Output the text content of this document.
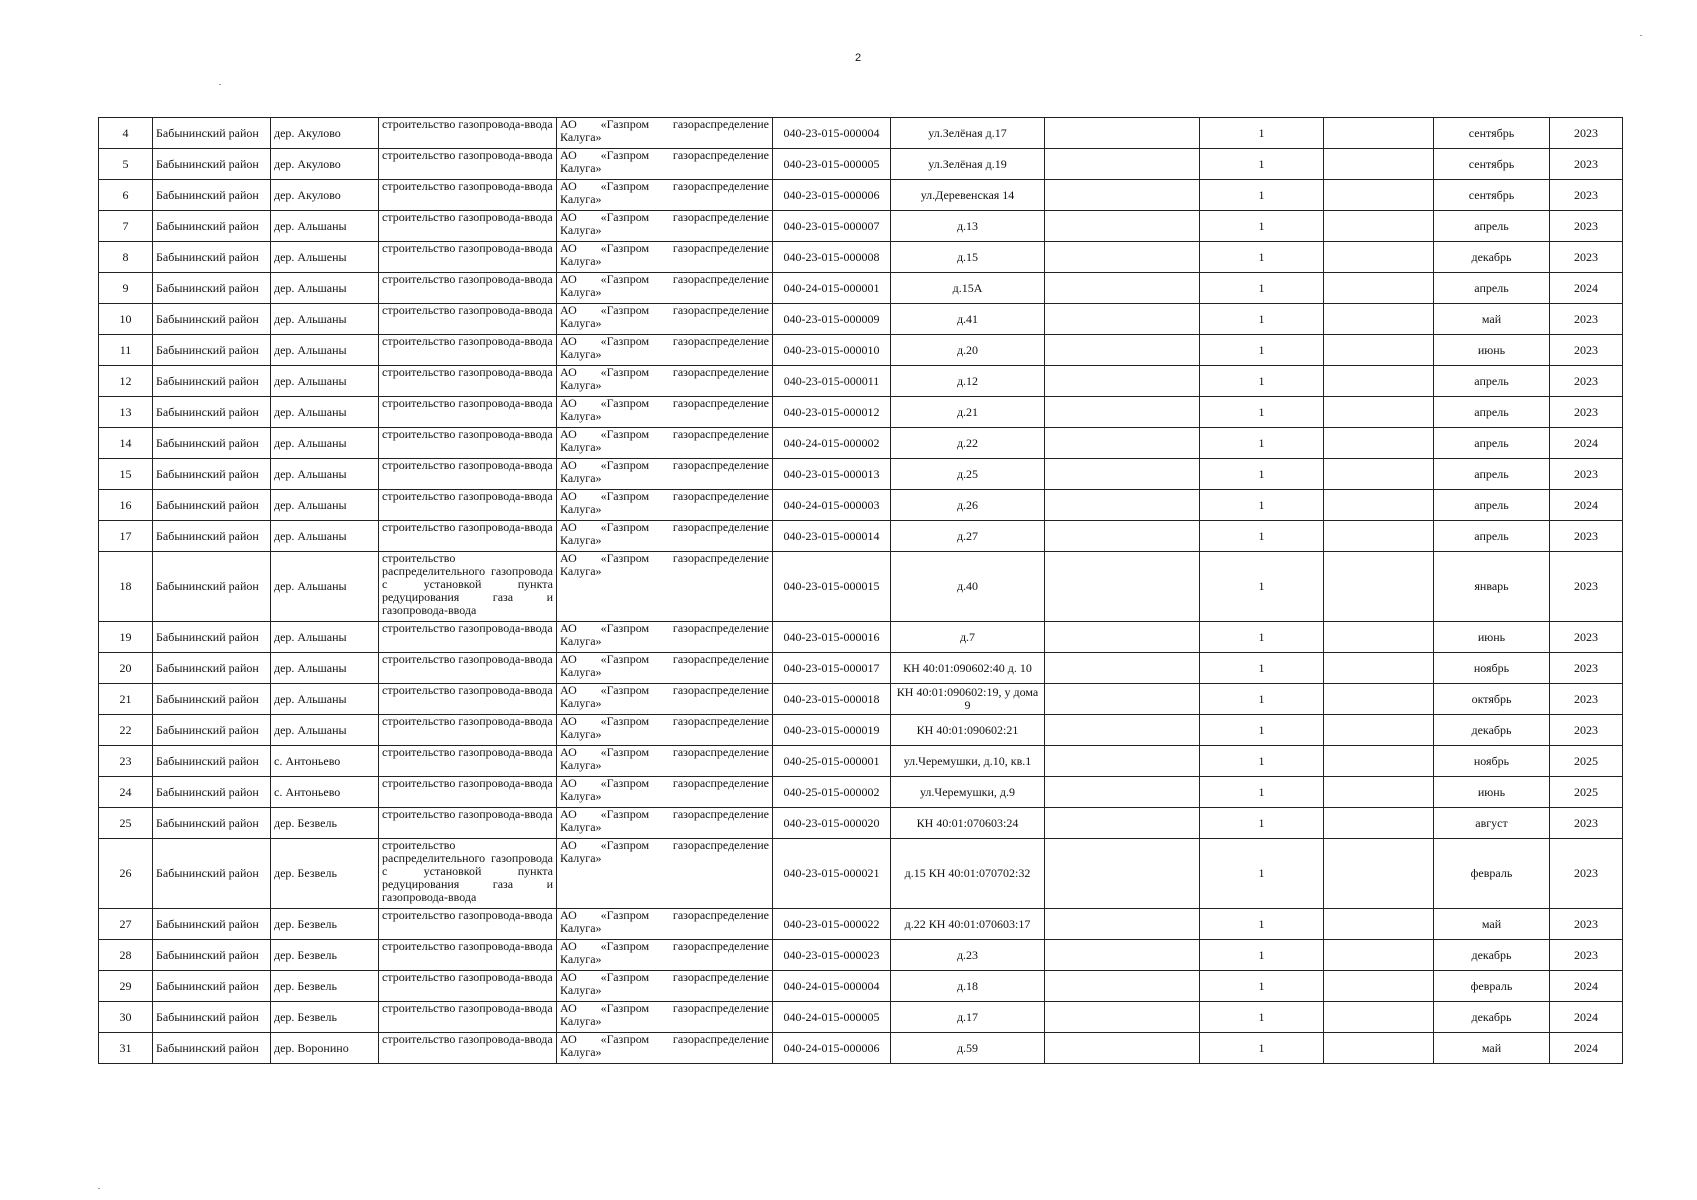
2
4	Бабынинский район	дер. Акулово	строительство газопровода-ввода	АО «Газпром газораспределение Калуга»	040-23-015-000004	ул.Зелёная д.17		1		сентябрь	2023
5	Бабынинский район	дер. Акулово	строительство газопровода-ввода	АО «Газпром газораспределение Калуга»	040-23-015-000005	ул.Зелёная д.19		1		сентябрь	2023
6	Бабынинский район	дер. Акулово	строительство газопровода-ввода	АО «Газпром газораспределение Калуга»	040-23-015-000006	ул.Деревенская 14		1		сентябрь	2023
7	Бабынинский район	дер. Альшаны	строительство газопровода-ввода	АО «Газпром газораспределение Калуга»	040-23-015-000007	д.13		1		апрель	2023
8	Бабынинский район	дер. Альшены	строительство газопровода-ввода	АО «Газпром газораспределение Калуга»	040-23-015-000008	д.15		1		декабрь	2023
9	Бабынинский район	дер. Альшаны	строительство газопровода-ввода	АО «Газпром газораспределение Калуга»	040-24-015-000001	д.15А		1		апрель	2024
10	Бабынинский район	дер. Альшаны	строительство газопровода-ввода	АО «Газпром газораспределение Калуга»	040-23-015-000009	д.41		1		май	2023
11	Бабынинский район	дер. Альшаны	строительство газопровода-ввода	АО «Газпром газораспределение Калуга»	040-23-015-000010	д.20		1		июнь	2023
12	Бабынинский район	дер. Альшаны	строительство газопровода-ввода	АО «Газпром газораспределение Калуга»	040-23-015-000011	д.12		1		апрель	2023
13	Бабынинский район	дер. Альшаны	строительство газопровода-ввода	АО «Газпром газораспределение Калуга»	040-23-015-000012	д.21		1		апрель	2023
14	Бабынинский район	дер. Альшаны	строительство газопровода-ввода	АО «Газпром газораспределение Калуга»	040-24-015-000002	д.22		1		апрель	2024
15	Бабынинский район	дер. Альшаны	строительство газопровода-ввода	АО «Газпром газораспределение Калуга»	040-23-015-000013	д.25		1		апрель	2023
16	Бабынинский район	дер. Альшаны	строительство газопровода-ввода	АО «Газпром газораспределение Калуга»	040-24-015-000003	д.26		1		апрель	2024
17	Бабынинский район	дер. Альшаны	строительство газопровода-ввода	АО «Газпром газораспределение Калуга»	040-23-015-000014	д.27		1		апрель	2023
18	Бабынинский район	дер. Альшаны	строительство распределительного газопровода с установкой пункта редуцирования газа и газопровода-ввода	АО «Газпром газораспределение Калуга»	040-23-015-000015	д.40		1		январь	2023
19	Бабынинский район	дер. Альшаны	строительство газопровода-ввода	АО «Газпром газораспределение Калуга»	040-23-015-000016	д.7		1		июнь	2023
20	Бабынинский район	дер. Альшаны	строительство газопровода-ввода	АО «Газпром газораспределение Калуга»	040-23-015-000017	КН 40:01:090602:40 д. 10		1		ноябрь	2023
21	Бабынинский район	дер. Альшаны	строительство газопровода-ввода	АО «Газпром газораспределение Калуга»	040-23-015-000018	КН 40:01:090602:19, у дома 9		1		октябрь	2023
22	Бабынинский район	дер. Альшаны	строительство газопровода-ввода	АО «Газпром газораспределение Калуга»	040-23-015-000019	КН 40:01:090602:21		1		декабрь	2023
23	Бабынинский район	с. Антоньево	строительство газопровода-ввода	АО «Газпром газораспределение Калуга»	040-25-015-000001	ул.Черемушки, д.10, кв.1		1		ноябрь	2025
24	Бабынинский район	с. Антоньево	строительство газопровода-ввода	АО «Газпром газораспределение Калуга»	040-25-015-000002	ул.Черемушки, д.9		1		июнь	2025
25	Бабынинский район	дер. Безвель	строительство газопровода-ввода	АО «Газпром газораспределение Калуга»	040-23-015-000020	КН 40:01:070603:24		1		август	2023
26	Бабынинский район	дер. Безвель	строительство распределительного газопровода с установкой пункта редуцирования газа и газопровода-ввода	АО «Газпром газораспределение Калуга»	040-23-015-000021	д.15 КН 40:01:070702:32		1		февраль	2023
27	Бабынинский район	дер. Безвель	строительство газопровода-ввода	АО «Газпром газораспределение Калуга»	040-23-015-000022	д.22 КН 40:01:070603:17		1		май	2023
28	Бабынинский район	дер. Безвель	строительство газопровода-ввода	АО «Газпром газораспределение Калуга»	040-23-015-000023	д.23		1		декабрь	2023
29	Бабынинский район	дер. Безвель	строительство газопровода-ввода	АО «Газпром газораспределение Калуга»	040-24-015-000004	д.18		1		февраль	2024
30	Бабынинский район	дер. Безвель	строительство газопровода-ввода	АО «Газпром газораспределение Калуга»	040-24-015-000005	д.17		1		декабрь	2024
31	Бабынинский район	дер. Воронино	строительство газопровода-ввода	АО «Газпром газораспределение Калуга»	040-24-015-000006	д.59		1		май	2024
